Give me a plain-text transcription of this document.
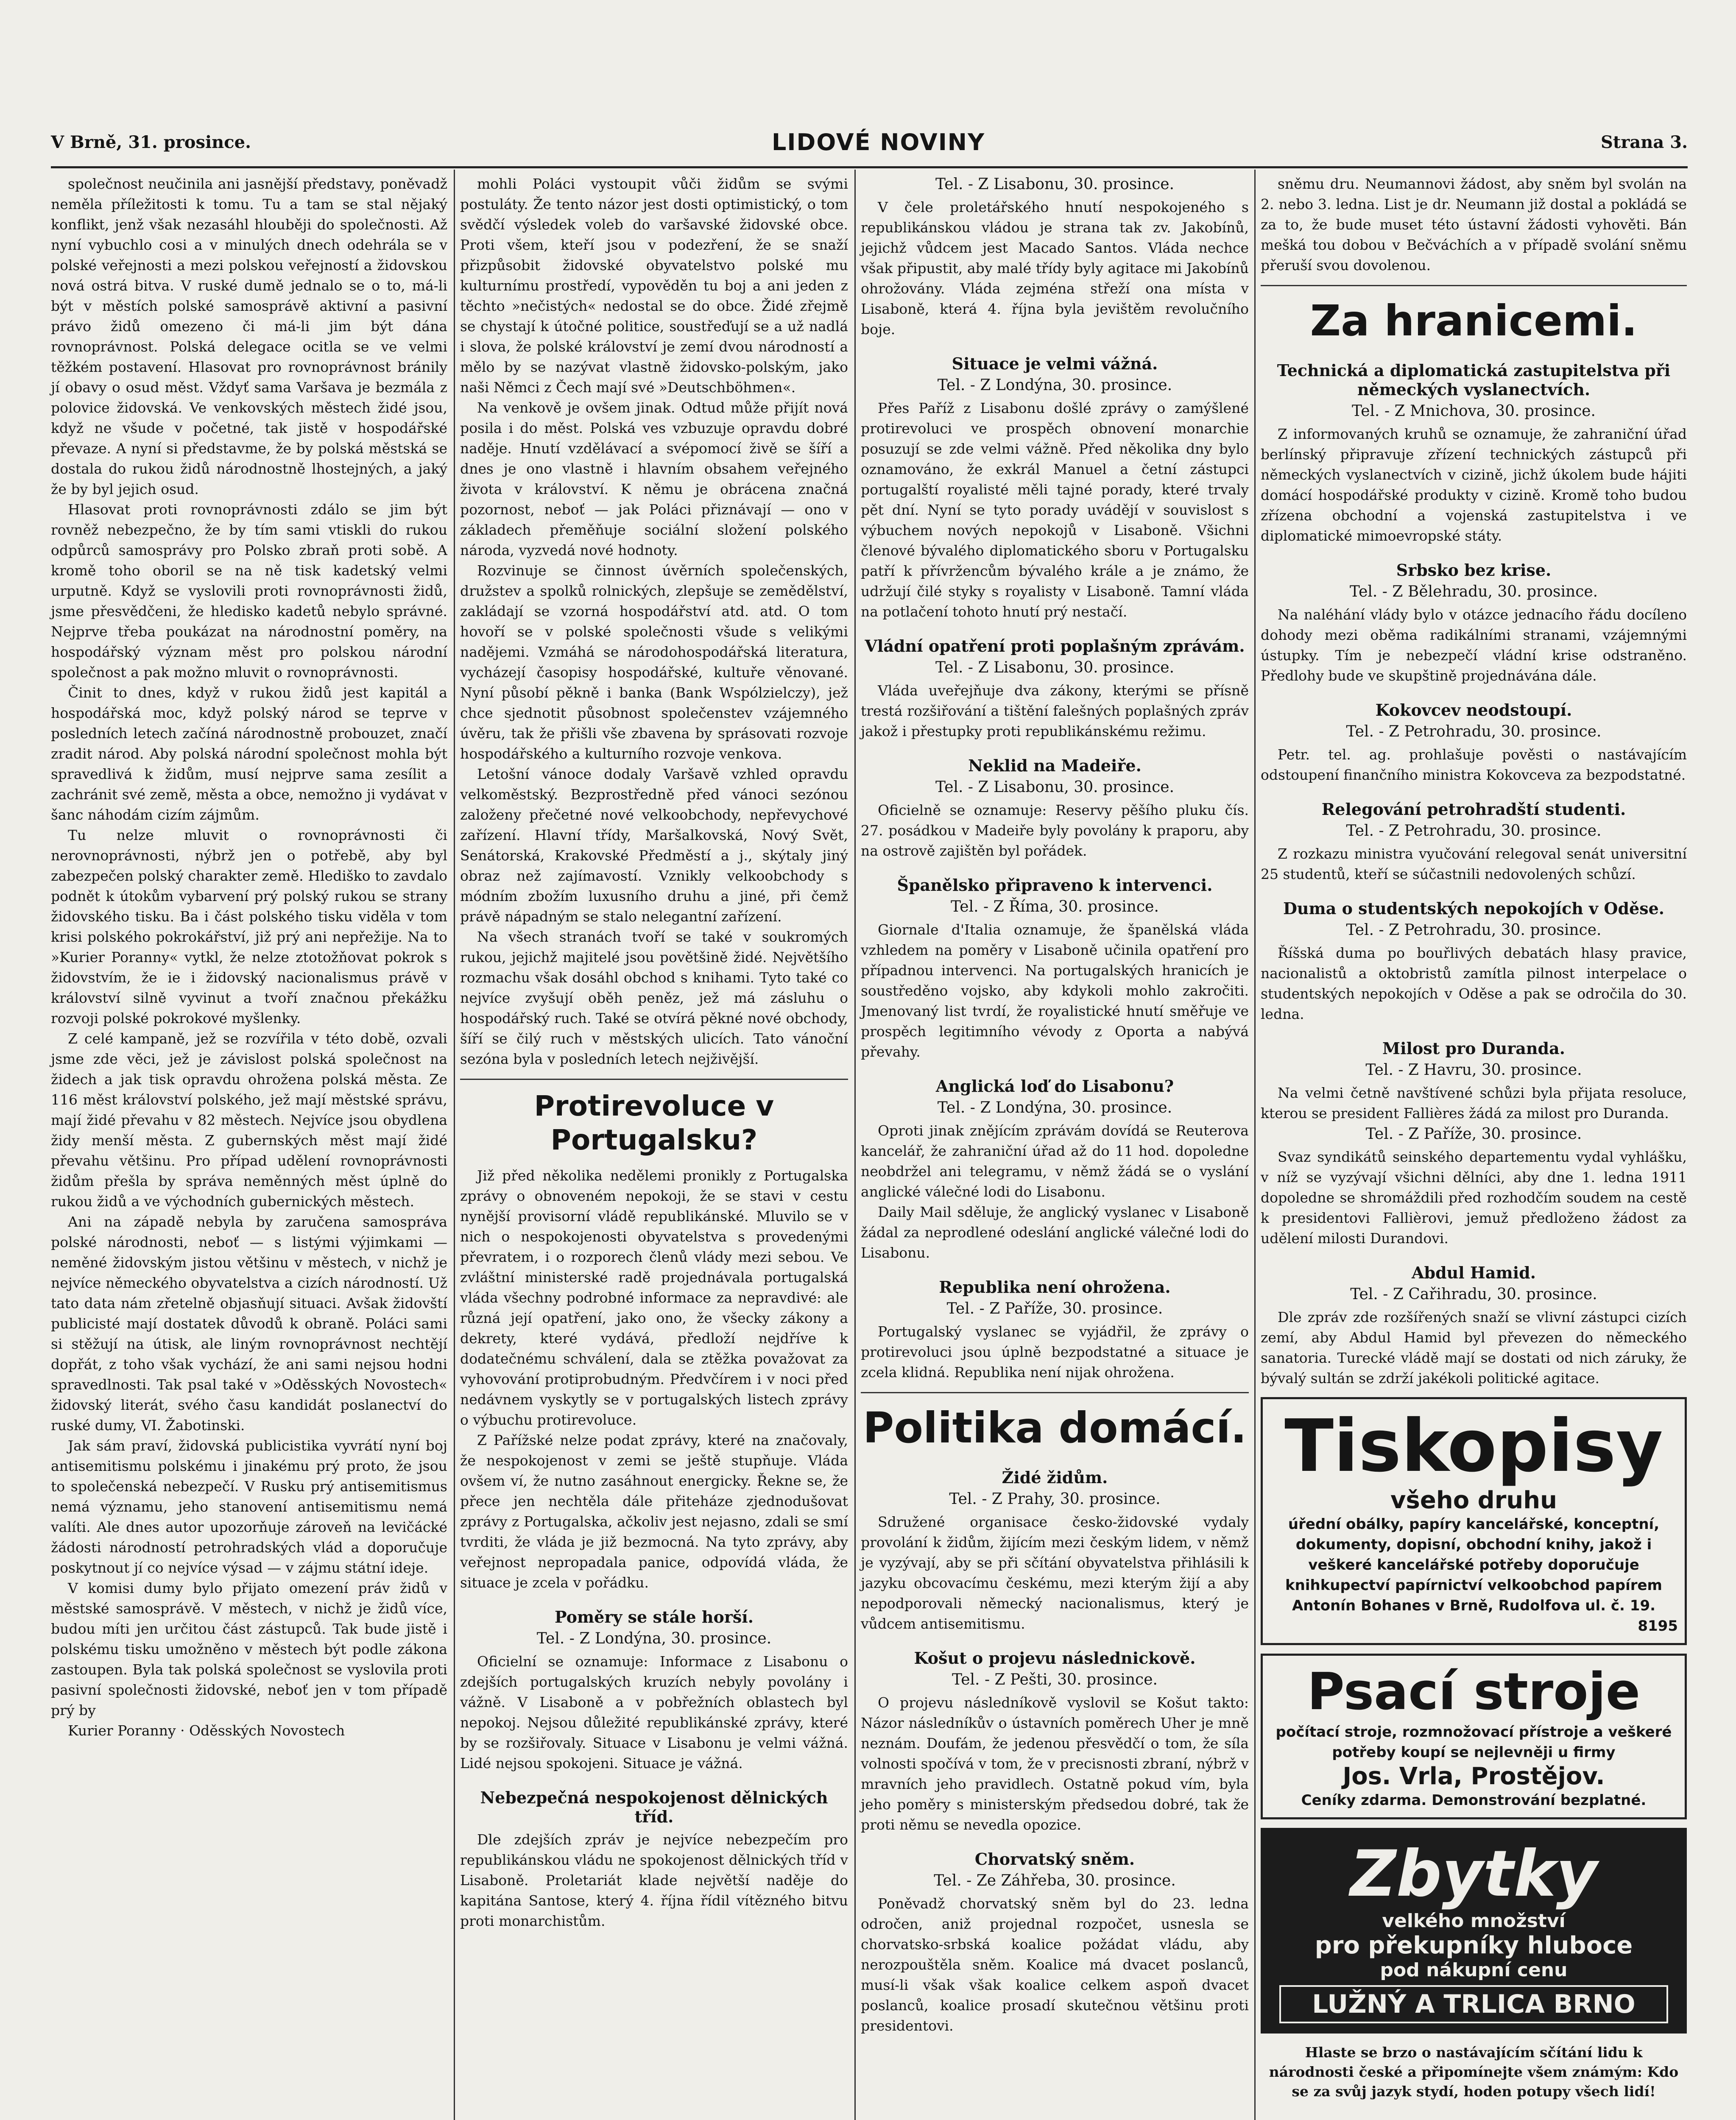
V Brně, 31. prosince.	LIDOVÉ NOVINY	Strana 3.

společnost neučinila ani jasnější představy, poněvadž neměla příležitosti k tomu. Tu a tam se stal nějaký konflikt, jenž však nezasáhl hlouběji do společnosti. Až nyní vybuchlo cosi a v minulých dnech odehrála se v polské veřejnosti a mezi polskou veřejností a židovskou nová ostrá bitva. V ruské dumě jednalo se o to, má-li být v městích polské samosprávě aktivní a pasivní právo židů omezeno či má-li jim být dána rovnoprávnost. Polská delegace ocitla se ve velmi těžkém postavení. Hlasovat pro rovnoprávnost bránily jí obavy o osud měst. Vždyť sama Varšava je bezmála z polovice židovská. Ve venkovských městech židé jsou, když ne všude v početné, tak jistě v hospodářské převaze. A nyní si představme, že by polská městská se dostala do rukou židů národnostně lhostejných, a jaký že by byl jejich osud.

Hlasovat proti rovnoprávnosti zdálo se jim být rovněž nebezpečno, že by tím sami vtiskli do rukou odpůrců samosprávy pro Polsko zbraň proti sobě. A kromě toho oboril se na ně tisk kadetský velmi urputně. Když se vyslovili proti rovnoprávnosti židů, jsme přesvědčeni, že hledisko kadetů nebylo správné. Nejprve třeba poukázat na národnostní poměry, na hospodářský význam měst pro polskou národní společnost a pak možno mluvit o rovnoprávnosti.

Činit to dnes, když v rukou židů jest kapitál a hospodářská moc, když polský národ se teprve v posledních letech začíná národnostně probouzet, značí zradit národ. Aby polská národní společnost mohla být spravedlivá k židům, musí nejprve sama zesílit a zachránit své země, města a obce, nemožno ji vydávat v šanc náhodám cizím zájmům.

Tu nelze mluvit o rovnoprávnosti či nerovnoprávnosti, nýbrž jen o potřebě, aby byl zabezpečen polský charakter země. Hlediško to zavdalo podnět k útokům vybarvení prý polský rukou se strany židovského tisku. Ba i část polského tisku viděla v tom krisi polského pokrokářství, již prý ani nepřežije. Na to »Kurier Poranny« vytkl, že nelze ztotožňovat pokrok s židovstvím, že ie i židovský nacionalismus právě v království silně vyvinut a tvoří značnou překážku rozvoji polské pokrokové myšlenky.

Z celé kampaně, jež se rozvířila v této době, ozvali jsme zde věci, jež je závislost polská společnost na židech a jak tisk opravdu ohrožena polská města. Ze 116 měst království polského, jež mají městské správu, mají židé převahu v 82 městech. Nejvíce jsou obydlena židy menší města. Z gubernských měst mají židé převahu většinu. Pro případ udělení rovnoprávnosti židům přešla by správa neměnných měst úplně do rukou židů a ve východních gubernických městech.

Ani na západě nebyla by zaručena samospráva polské národnosti, neboť — s listými výjimkami — neměné židovským jistou většinu v městech, v nichž je nejvíce německého obyvatelstva a cizích národností. Už tato data nám zřetelně objasňují situaci. Avšak židovští publicisté mají dostatek důvodů k obraně. Poláci sami si stěžují na útisk, ale liným rovnoprávnost nechtějí dopřát, z toho však vychází, že ani sami nejsou hodni spravedlnosti. Tak psal také v »Oděsských Novostech« židovský literát, svého času kandidát poslanectví do ruské dumy, VI. Žabotinski.

Jak sám praví, židovská publicistika vyvrátí nyní boj antisemitismu polskému i jinakému prý proto, že jsou to společenská nebezpečí. V Rusku prý antisemitismus nemá významu, jeho stanovení antisemitismu nemá valíti. Ale dnes autor upozorňuje zároveň na levičácké žádosti národností petrohradských vlád a doporučuje poskytnout jí co nejvíce výsad — v zájmu státní ideje.

V komisi dumy bylo přijato omezení práv židů v městské samosprávě. V městech, v nichž je židů více, budou míti jen určitou část zástupců. Tak bude jistě i polskému tisku umožněno v městech být podle zákona zastoupen. Byla tak polská společnost se vyslovila proti pasivní společnosti židovské, neboť jen v tom případě prý by

Kurier Poranny · Oděsských Novostech

mohli Poláci vystoupit vůči židům se svými postuláty. Že tento názor jest dosti optimistický, o tom svědčí výsledek voleb do varšavské židovské obce. Proti všem, kteří jsou v podezření, že se snaží přizpůsobit židovské obyvatelstvo polské mu kulturnímu prostředí, vypověděn tu boj a ani jeden z těchto »nečistých« nedostal se do obce. Židé zřejmě se chystají k útočné politice, soustřeďují se a už nadlá i slova, že polské království je zemí dvou národností a mělo by se nazývat vlastně židovsko-polským, jako naši Němci z Čech mají své »Deutschböhmen«.

Na venkově je ovšem jinak. Odtud může přijít nová posila i do měst. Polská ves vzbuzuje opravdu dobré naděje. Hnutí vzdělávací a svépomocí živě se šíří a dnes je ono vlastně i hlavním obsahem veřejného života v království. K němu je obrácena značná pozornost, neboť — jak Poláci přiznávají — ono v základech přeměňuje sociální složení polského národa, vyzvedá nové hodnoty.

Rozvinuje se činnost úvěrních společenských, družstev a spolků rolnických, zlepšuje se zemědělství, zakládají se vzorná hospodářství atd. atd. O tom hovoří se v polské společnosti všude s velikými nadějemi. Vzmáhá se národohospodářská literatura, vycházejí časopisy hospodářské, kultuře věnované. Nyní působí pěkně i banka (Bank Wspólzielczy), jež chce sjednotit působnost společenstev vzájemného úvěru, tak že přišli vše zbavena by sprásovati rozvoje hospodářského a kulturního rozvoje venkova.

Letošní vánoce dodaly Varšavě vzhled opravdu velkoměstský. Bezprostředně před vánoci sezónou založeny přečetné nové velkoobchody, nepřevychové zařízení. Hlavní třídy, Maršalkovská, Nový Svět, Senátorská, Krakovské Předměstí a j., skýtaly jiný obraz než zajímavostí. Vznikly velkoobchody s módním zbožím luxusního druhu a jiné, při čemž právě nápadným se stalo nelegantní zařízení.

Na všech stranách tvoří se také v soukromých rukou, jejichž majitelé jsou povětšině židé. Největšího rozmachu však dosáhl obchod s knihami. Tyto také co nejvíce zvyšují oběh peněz, jež má zásluhu o hospodářský ruch. Také se otvírá pěkné nové obchody, šíří se čilý ruch v městských ulicích. Tato vánoční sezóna byla v posledních letech nejživější.

Protirevoluce v Portugalsku?

Již před několika nedělemi pronikly z Portugalska zprávy o obnoveném nepokoji, že se stavi v cestu nynější provisorní vládě republikánské. Mluvilo se v nich o nespokojenosti obyvatelstva s provedenými převratem, i o rozporech členů vlády mezi sebou. Ve zvláštní ministerské radě projednávala portugalská vláda všechny podrobné informace za nepravdivé: ale různá její opatření, jako ono, že všecky zákony a dekrety, které vydává, předloží nejdříve k dodatečnému schválení, dala se ztěžka považovat za vyhovování protiprobudným. Předvčírem i v noci před nedávnem vyskytly se v portugalských listech zprávy o výbuchu protirevoluce.

Z Pařížské nelze podat zprávy, které na značovaly, že nespokojenost v zemi se ještě stupňuje. Vláda ovšem ví, že nutno zasáhnout energicky. Řekne se, že přece jen nechtěla dále přiteháze zjednodušovat zprávy z Portugalska, ačkoliv jest nejasno, zdali se smí tvrditi, že vláda je již bezmocná. Na tyto zprávy, aby veřejnost nepropadala panice, odpovídá vláda, že situace je zcela v pořádku.

Poměry se stále horší.

Tel. - Z Londýna, 30. prosince.

Oficielní se oznamuje: Informace z Lisabonu o zdejších portugalských kruzích nebyly povolány i vážně. V Lisaboně a v pobřežních oblastech byl nepokoj. Nejsou důležité republikánské zprávy, které by se rozšiřovaly. Situace v Lisabonu je velmi vážná. Lidé nejsou spokojeni. Situace je vážná.

Nebezpečná nespokojenost dělnických tříd.

Dle zdejších zpráv je nejvíce nebezpečím pro republikánskou vládu ne spokojenost dělnických tříd v Lisaboně. Proletariát klade největší naděje do kapitána Santose, který 4. října řídil vítězného bitvu proti monarchistům.

Tel. - Z Lisabonu, 30. prosince.

V čele proletářského hnutí nespokojeného s republikánskou vládou je strana tak zv. Jakobínů, jejichž vůdcem jest Macado Santos. Vláda nechce však připustit, aby malé třídy byly agitace mi Jakobínů ohrožovány. Vláda zejména střeží ona místa v Lisaboně, která 4. října byla jevištěm revolučního boje.

Situace je velmi vážná.

Tel. - Z Londýna, 30. prosince.

Přes Paříž z Lisabonu došlé zprávy o zamýšlené protirevoluci ve prospěch obnovení monarchie posuzují se zde velmi vážně. Před několika dny bylo oznamováno, že exkrál Manuel a četní zástupci portugalští royalisté měli tajné porady, které trvaly pět dní. Nyní se tyto porady uvádějí v souvislost s výbuchem nových nepokojů v Lisaboně. Všichni členové bývalého diplomatického sboru v Portugalsku patří k přívržencům bývalého krále a je známo, že udržují čilé styky s royalisty v Lisaboně. Tamní vláda na potlačení tohoto hnutí prý nestačí.

Vládní opatření proti poplašným zprávám.

Tel. - Z Lisabonu, 30. prosince.

Vláda uveřejňuje dva zákony, kterými se přísně trestá rozšiřování a tištění falešných poplašných zpráv jakož i přestupky proti republikánskému režimu.

Neklid na Madeiře.

Tel. - Z Lisabonu, 30. prosince.

Oficielně se oznamuje: Reservy pěšího pluku čís. 27. posádkou v Madeiře byly povolány k praporu, aby na ostrově zajištěn byl pořádek.

Španělsko připraveno k intervenci.

Tel. - Z Říma, 30. prosince.

Giornale d'Italia oznamuje, že španělská vláda vzhledem na poměry v Lisaboně učinila opatření pro případnou intervenci. Na portugalských hranicích je soustředěno vojsko, aby kdykoli mohlo zakročiti. Jmenovaný list tvrdí, že royalistické hnutí směřuje ve prospěch legitimního vévody z Oporta a nabývá převahy.

Anglická loď do Lisabonu?

Tel. - Z Londýna, 30. prosince.

Oproti jinak znějícím zprávám dovídá se Reuterova kancelář, že zahraniční úřad až do 11 hod. dopoledne neobdržel ani telegramu, v němž žádá se o vyslání anglické válečné lodi do Lisabonu.

Daily Mail sděluje, že anglický vyslanec v Lisaboně žádal za neprodlené odeslání anglické válečné lodi do Lisabonu.

Republika není ohrožena.

Tel. - Z Paříže, 30. prosince.

Portugalský vyslanec se vyjádřil, že zprávy o protirevoluci jsou úplně bezpodstatné a situace je zcela klidná. Republika není nijak ohrožena.

Politika domácí.

Židé židům.

Tel. - Z Prahy, 30. prosince.

Sdružené organisace česko-židovské vydaly provolání k židům, žijícím mezi českým lidem, v němž je vyzývají, aby se při sčítání obyvatelstva přihlásili k jazyku obcovacímu českému, mezi kterým žijí a aby nepodporovali německý nacionalismus, který je vůdcem antisemitismu.

Košut o projevu následnickově.

Tel. - Z Pešti, 30. prosince.

O projevu následníkově vyslovil se Košut takto: Názor následníkův o ústavních poměrech Uher je mně neznám. Doufám, že jedenou přesvědčí o tom, že síla volnosti spočívá v tom, že v precisnosti zbraní, nýbrž v mravních jeho pravidlech. Ostatně pokud vím, byla jeho poměry s ministerským předsedou dobré, tak že proti němu se nevedla opozice.

Chorvatský sněm.

Tel. - Ze Záhřeba, 30. prosince.

Poněvadž chorvatský sněm byl do 23. ledna odročen, aniž projednal rozpočet, usnesla se chorvatsko-srbská koalice požádat vládu, aby nerozpouštěla sněm. Koalice má dvacet poslanců, musí-li však však koalice celkem aspoň dvacet poslanců, koalice prosadí skutečnou většinu proti presidentovi.

sněmu dru. Neumannovi žádost, aby sněm byl svolán na 2. nebo 3. ledna. List je dr. Neumann již dostal a pokládá se za to, že bude muset této ústavní žádosti vyhověti. Bán mešká tou dobou v Bečváchích a v případě svolání sněmu přeruší svou dovolenou.

Za hranicemi.

Technická a diplomatická zastupitelstva při německých vyslanectvích.

Tel. - Z Mnichova, 30. prosince.

Z informovaných kruhů se oznamuje, že zahraniční úřad berlínský připravuje zřízení technických zástupců při německých vyslanectvích v cizině, jichž úkolem bude hájiti domácí hospodářské produkty v cizině. Kromě toho budou zřízena obchodní a vojenská zastupitelstva i ve diplomatické mimoevropské státy.

Srbsko bez krise.

Tel. - Z Bělehradu, 30. prosince.

Na naléhání vlády bylo v otázce jednacího řádu docíleno dohody mezi oběma radikálními stranami, vzájemnými ústupky. Tím je nebezpečí vládní krise odstraněno. Předlohy bude ve skupštině projednávána dále.

Kokovcev neodstoupí.

Tel. - Z Petrohradu, 30. prosince.

Petr. tel. ag. prohlašuje pověsti o nastávajícím odstoupení finančního ministra Kokovceva za bezpodstatné.

Relegování petrohradští studenti.

Tel. - Z Petrohradu, 30. prosince.

Z rozkazu ministra vyučování relegoval senát universitní 25 studentů, kteří se súčastnili nedovolených schůzí.

Duma o studentských nepokojích v Oděse.

Tel. - Z Petrohradu, 30. prosince.

Říšská duma po bouřlivých debatách hlasy pravice, nacionalistů a oktobristů zamítla pilnost interpelace o studentských nepokojích v Oděse a pak se odročila do 30. ledna.

Milost pro Duranda.

Tel. - Z Havru, 30. prosince.

Na velmi četně navštívené schůzi byla přijata resoluce, kterou se president Fallières žádá za milost pro Duranda.

Tel. - Z Paříže, 30. prosince.

Svaz syndikátů seinského departementu vydal vyhlášku, v níž se vyzývají všichni dělníci, aby dne 1. ledna 1911 dopoledne se shromáždili před rozhodčím soudem na cestě k presidentovi Fallièrovi, jemuž předloženo žádost za udělení milosti Durandovi.

Abdul Hamid.

Tel. - Z Cařihradu, 30. prosince.

Dle zpráv zde rozšířených snaží se vlivní zástupci cizích zemí, aby Abdul Hamid byl převezen do německého sanatoria. Turecké vládě mají se dostati od nich záruky, že bývalý sultán se zdrží jakékoli politické agitace.

Tiskopisy všeho druhu
úřední obálky, papíry kancelářské, konceptní, dokumenty, dopisní, obchodní knihy, jakož i veškeré kancelářské potřeby doporučuje knihkupectví papírnictví velkoobchod papírem Antonín Bohanes v Brně, Rudolfova ul. č. 19.
8195
Psací stroje
počítací stroje, rozmnožovací přístroje a veškeré potřeby koupí se nejlevněji u firmy
Jos. Vrla, Prostějov.
Ceníky zdarma. Demonstrování bezplatné.
Zbytky
velkého množství
pro překupníky hluboce
pod nákupní cenu
LUŽNÝ A TRLICA BRNO

Hlaste se brzo o nastávajícím sčítání lidu k národnosti české a připomínejte všem známým: Kdo se za svůj jazyk stydí, hoden potupy všech lidí!
